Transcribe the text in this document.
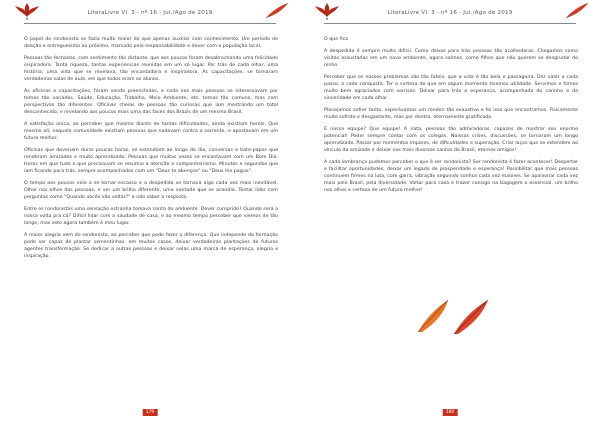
LiteraLivre VI. 3 - nº 16 - Jul./Ago de 2019

O papel do rondonista se fazia muito maior do que apenas auxiliar com conhecimento. Um período de doação e entregueismo ao próximo, marcado pela responsabilidade e dever com a população local.

Pessoas tão fechadas, com sentimento tão distante, que aos poucos foram desabrochando uma felicidade inspiradora. Tanta riqueza, tantas experiencias reunidas em um só lugar. Por trás de cada olhar, uma história, uma vida que se revelava, tão encantadora e inspiradora. As capacitações, se tornaram verdadeiras salas de aula, em que todos eram os alunos.

As oficinas e capacitações, foram sendo preenchidas, e cada vez mais pessoas se interessavam por temas tão variados. Saúde, Educação, Trabalho, Meio Ambiente, etc. temas tão comuns, mas com perspectivas tão diferentes. Oficinas cheias de pessoas tão curiosas que iam mostrando um total desconhecido, e revelando aos poucos mais uma das faces dos Brazis de um mesmo Brasil.

A satisfação única, ao perceber que mesmo diante de tantas dificuldades, ainda existiam heróis. Que mesmo ali, naquela comunidade existiam pessoas que nadavam contra a corrente, e apostavam em um futuro melhor.

Oficinas que deveriam durar poucas horas, se estendiam ao longo do dia, conversas e bate-papos que renderam amizades e muito aprendizado. Pessoas que muitas vezes se encantavam com um Bom Dia. Horas em que tudo o que precisavam se resumia a atenção e companheirismo. Minutos e segundos que iam ficando para trás, sempre acompanhados com um "Deus te abençoe" ou "Deus lhe pague".

O tempo aos poucos veio a se tornar escasso e a despedida se tornava algo cada vez mais inevitável. Olhar nos olhos das pessoas, e ver um brilho diferente, uma vontade que se acendia. Tentar lidar com perguntas como "Quando vocês vão voltar?" e não saber a resposta.

Entre os rondonistas uma sensação estranha tomava conta do ambiente. Dever cumprido? Quando será a nossa volta pra cá? Difícil lidar com a saudade de casa, e ao mesmo tempo perceber que viemos de tão longe, mas este agora também é meu lugar.

A maior alegria vem do rondonista, ao perceber que pode fazer a diferença. Que independe da formação pode ser capaz de plantar sementinhas, em muitos casos, deixar verdadeiras plantações de futuros agentes transformação. Se dedicar a outras pessoas e deixar nelas uma marca de esperança, alegria e inspiração.

179
LiteraLivre VI. 3 - nº 16 - Jul./Ago de 2019

O que fica

A despedida é sempre muito difícil. Como deixar para trás pessoas tão acolhedoras. Chegamos como visitas assustadas em um novo ambiente, agora saímos, como filhos que não querem se desgrudar do ninho.

Perceber que os nossos problemas são tão fúteis, que a vida é tão bela e passageira. Dar valor a cada passo, a cada conquista. Ter a certeza de que em algum momento tivemos utilidade. Servimos e fomos muito bem agraciados com sorrisos. Deixar para trás a esperança, acompanhada do carinho e da sinceridade em cada olhar.

Planejamos sofrer tanto, esperávamos um rondon tão exaustivo e foi isso que encontramos. Fisicamente muito sofrido e desgastante, mas por dentro, eternamente gratificado.

E nossa equipe? Que equipe! A nata, pessoas tão admiradoras, capazes de mostrar seu enorme potencial! Poder sempre contar com os colegas. Noissas crises, discussões, se tornaram um longo aprendizado. Passar por momentos ímpares, de dificuldades e superação. Criar laços que se estendem ao vínculo da amizade e deixar nos mais diversos cantos do Brasil, eternos amigos!

A cada lembrança pudemos perceber o que é ser rondonista? Ser rondonista é fazer acontecer! Despertar e facilitar oportunidades, deixar um legado de prosperidade e esperança! Possibilitar que mais pessoas continuem firmes na luta, com garra, vibração seguindo sonhos cada vez maiores. Se apaixonar cada vez mais pelo Brasil, pela diversidade. Voltar para casa e trazer consigo na bagagem o essencial, um brilho nos olhos e certeza de um futuro melhor!

180
